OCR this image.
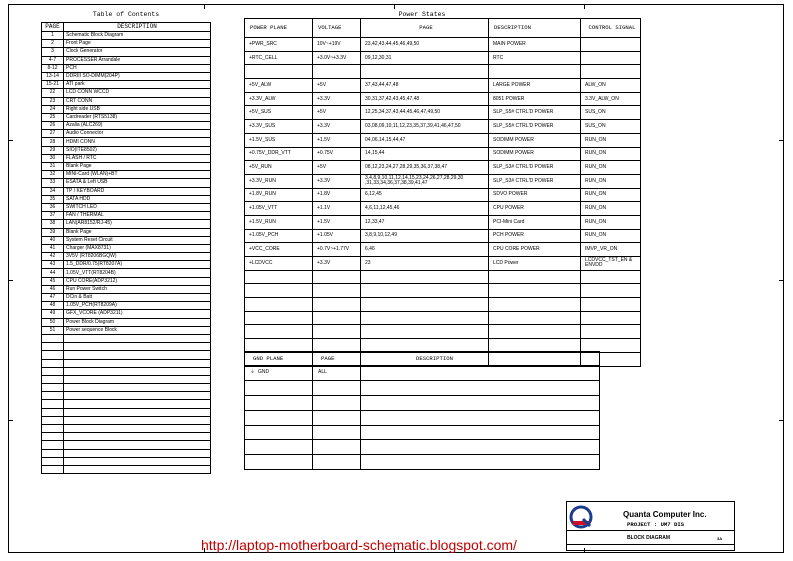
Table of Contents
PAGE	DESCRIPTION
1	Schematic Block Diagram
2	Front Page
3	Clock Generator
4-7	PROCESSER Arrandale
8-12	PCH
13-14	DDRIII SO-DIMM(204P)
15-21	ATI park
22	LCD CONN WCCD
23	CRT CONN
24	Right side USB
25	Cardreader (RTS5138)
26	Azalia (ALC269)
27	Audio Connector
28	HDMI CONN
29	SIO(ITE8502)
30	FLASH / RTC
31	Blank Page
32	MINI-Card (WLAN)+BT
33	ESATA & Left USB
34	TP / KEYBOARD
35	SATA HDD
36	SWITCH LED
37	FAN / THERMAL
38	LAN(AR8152/RJ-45)
39	Blank Page
40	System Reset Circuit
41	Charger (MAX8731)
42	3V5V (RT8206BGQW)
43	1.5_DDR/0.75(RT8207A)
44	1.05V_VTT(RT8204B)
45	CPU CORE(ADP3212)
46	Run Power Switch
47	DCin & Batt
48	1.05V_PCH(RT8209A)
49	GFX_VCORE (ADP3211)
50	Power Block Diagram
51	Power sequence Block

Power States
POWER PLANE	VOLTAGE	PAGE	DESCRIPTION	CONTROL SIGNAL	
+PWR_SRC	10V~+19V	23,42,43,44,45,46,49,50	MAIN POWER		
+RTC_CELL	+3.0V~+3.3V	09,12,30,31	RTC		

+5V_ALW	+5V	37,43,44,47,48	LARGE POWER	ALW_ON	
+3.3V_ALW	+3.3V	30,31,37,42,43,45,47,48	8051 POWER	3.3V_ALW_ON	
+5V_SUS	+5V	12,25,34,37,43,44,45,46,47,49,50	SLP_S5# CTRL'D POWER	SUS_ON	
+3.3V_SUS	+3.3V	03,08,09,10,11,12,23,35,37,39,41,46,47,50	SLP_S5# CTRL'D POWER	SUS_ON	
+1.5V_SUS	+1.5V	04,06,14,15,44,47	SODIMM POWER	RUN_ON	
+0.75V_DDR_VTT	+0.75V	14,15,44	SODIMM POWER	RUN_ON	
+5V_RUN	+5V	08,12,23,24,27,28,29,35,36,37,38,47	SLP_S3# CTRL'D POWER	RUN_ON	
+3.3V_RUN	+3.3V	3,4,8,9,10,11,12,14,15,23,24,26,27,28,29,30 ,31,33,34,36,37,38,39,41,47	SLP_S3# CTRL'D POWER	RUN_ON	
+1.8V_RUN	+1.8V	6,12,45	SDVO POWER	RUN_ON	
+1.05V_VTT	+1.1V	4,6,11,12,45,46	CPU POWER	RUN_ON	
+1.5V_RUN	+1.5V	12,33,47	PCI-Mini Card	RUN_ON	
+1.05V_PCH	+1.05V	3,8,9,10,12,49	PCH POWER	RUN_ON	
+VCC_CORE	+0.7V~+1.77V	6,46	CPU CORE POWER	IMVP_VR_ON	
+LCDVCC	+3.3V	23	LCD Power	LCDVCC_TST_EN & ENVDD	

GND PLANE	PAGE	DESCRIPTION
⏚ GND	ALL	

Quanta Computer Inc.
PROJECT : UM7 DIS
BLOCK DIAGRAM	3A
http://laptop-motherboard-schematic.blogspot.com/
